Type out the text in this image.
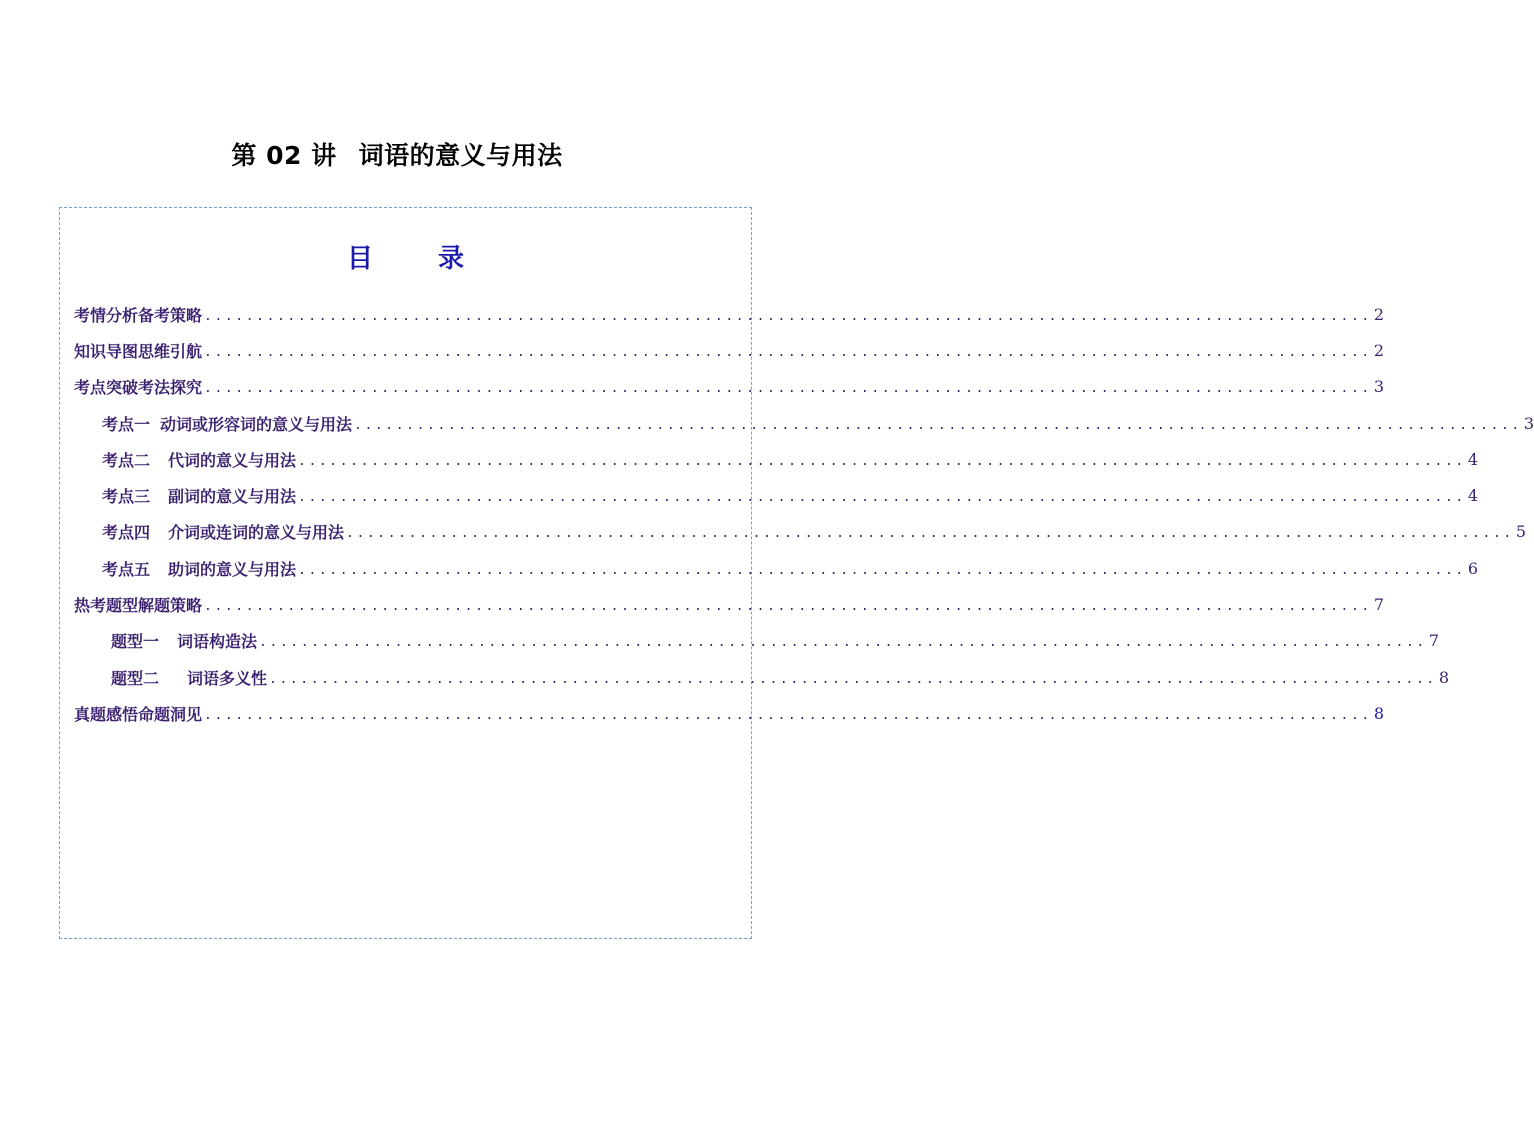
第 02 讲 词语的意义与用法
目 录
考情分析备考策略 ................................................................................................................ 2
知识导图思维引航 ................................................................................................................ 2
考点突破考法探究 ................................................................................................................ 3
考点一 动词或形容词的意义与用法 ................................................................................................................ 3
考点二 代词的意义与用法 ................................................................................................................ 4
考点三 副词的意义与用法 ................................................................................................................ 4
考点四 介词或连词的意义与用法 ................................................................................................................ 5
考点五 助词的意义与用法 ................................................................................................................ 6
热考题型解题策略 ................................................................................................................ 7
题型一 词语构造法 ................................................................................................................ 7
题型二 词语多义性 ................................................................................................................ 8
真题感悟命题洞见 ................................................................................................................ 8
